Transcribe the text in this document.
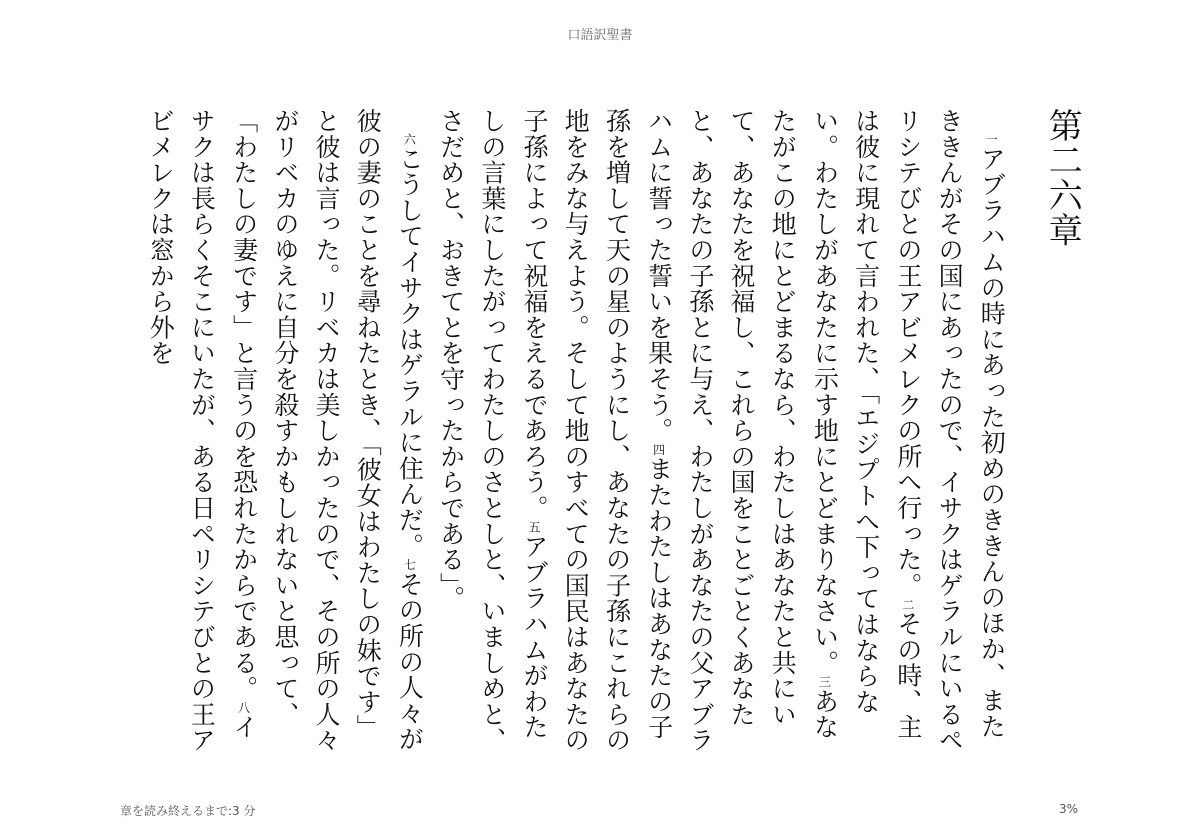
口語訳聖書
第二六章
一アブラハムの時にあった初めのききんのほか、またききんがその国にあったので、イサクはゲラルにいるペリシテびとの王アビメレクの所へ行った。二その時、主は彼に現れて言われた、「エジプトへ下ってはならない。わたしがあなたに示す地にとどまりなさい。三あなたがこの地にとどまるなら、わたしはあなたと共にいて、あなたを祝福し、これらの国をことごとくあなたと、あなたの子孫とに与え、わたしがあなたの父アブラハムに誓った誓いを果そう。四またわたしはあなたの子孫を増して天の星のようにし、あなたの子孫にこれらの地をみな与えよう。そして地のすべての国民はあなたの子孫によって祝福をえるであろう。五アブラハムがわたしの言葉にしたがってわたしのさとしと、いましめと、さだめと、おきてとを守ったからである」。
六こうしてイサクはゲラルに住んだ。七その所の人々が彼の妻のことを尋ねたとき、「彼女はわたしの妹です」と彼は言った。リベカは美しかったので、その所の人々がリベカのゆえに自分を殺すかもしれないと思って、「わたしの妻です」と言うのを恐れたからである。八イサクは長らくそこにいたが、ある日ペリシテびとの王アビメレクは窓から外を
章を読み終えるまで:3 分	3%
